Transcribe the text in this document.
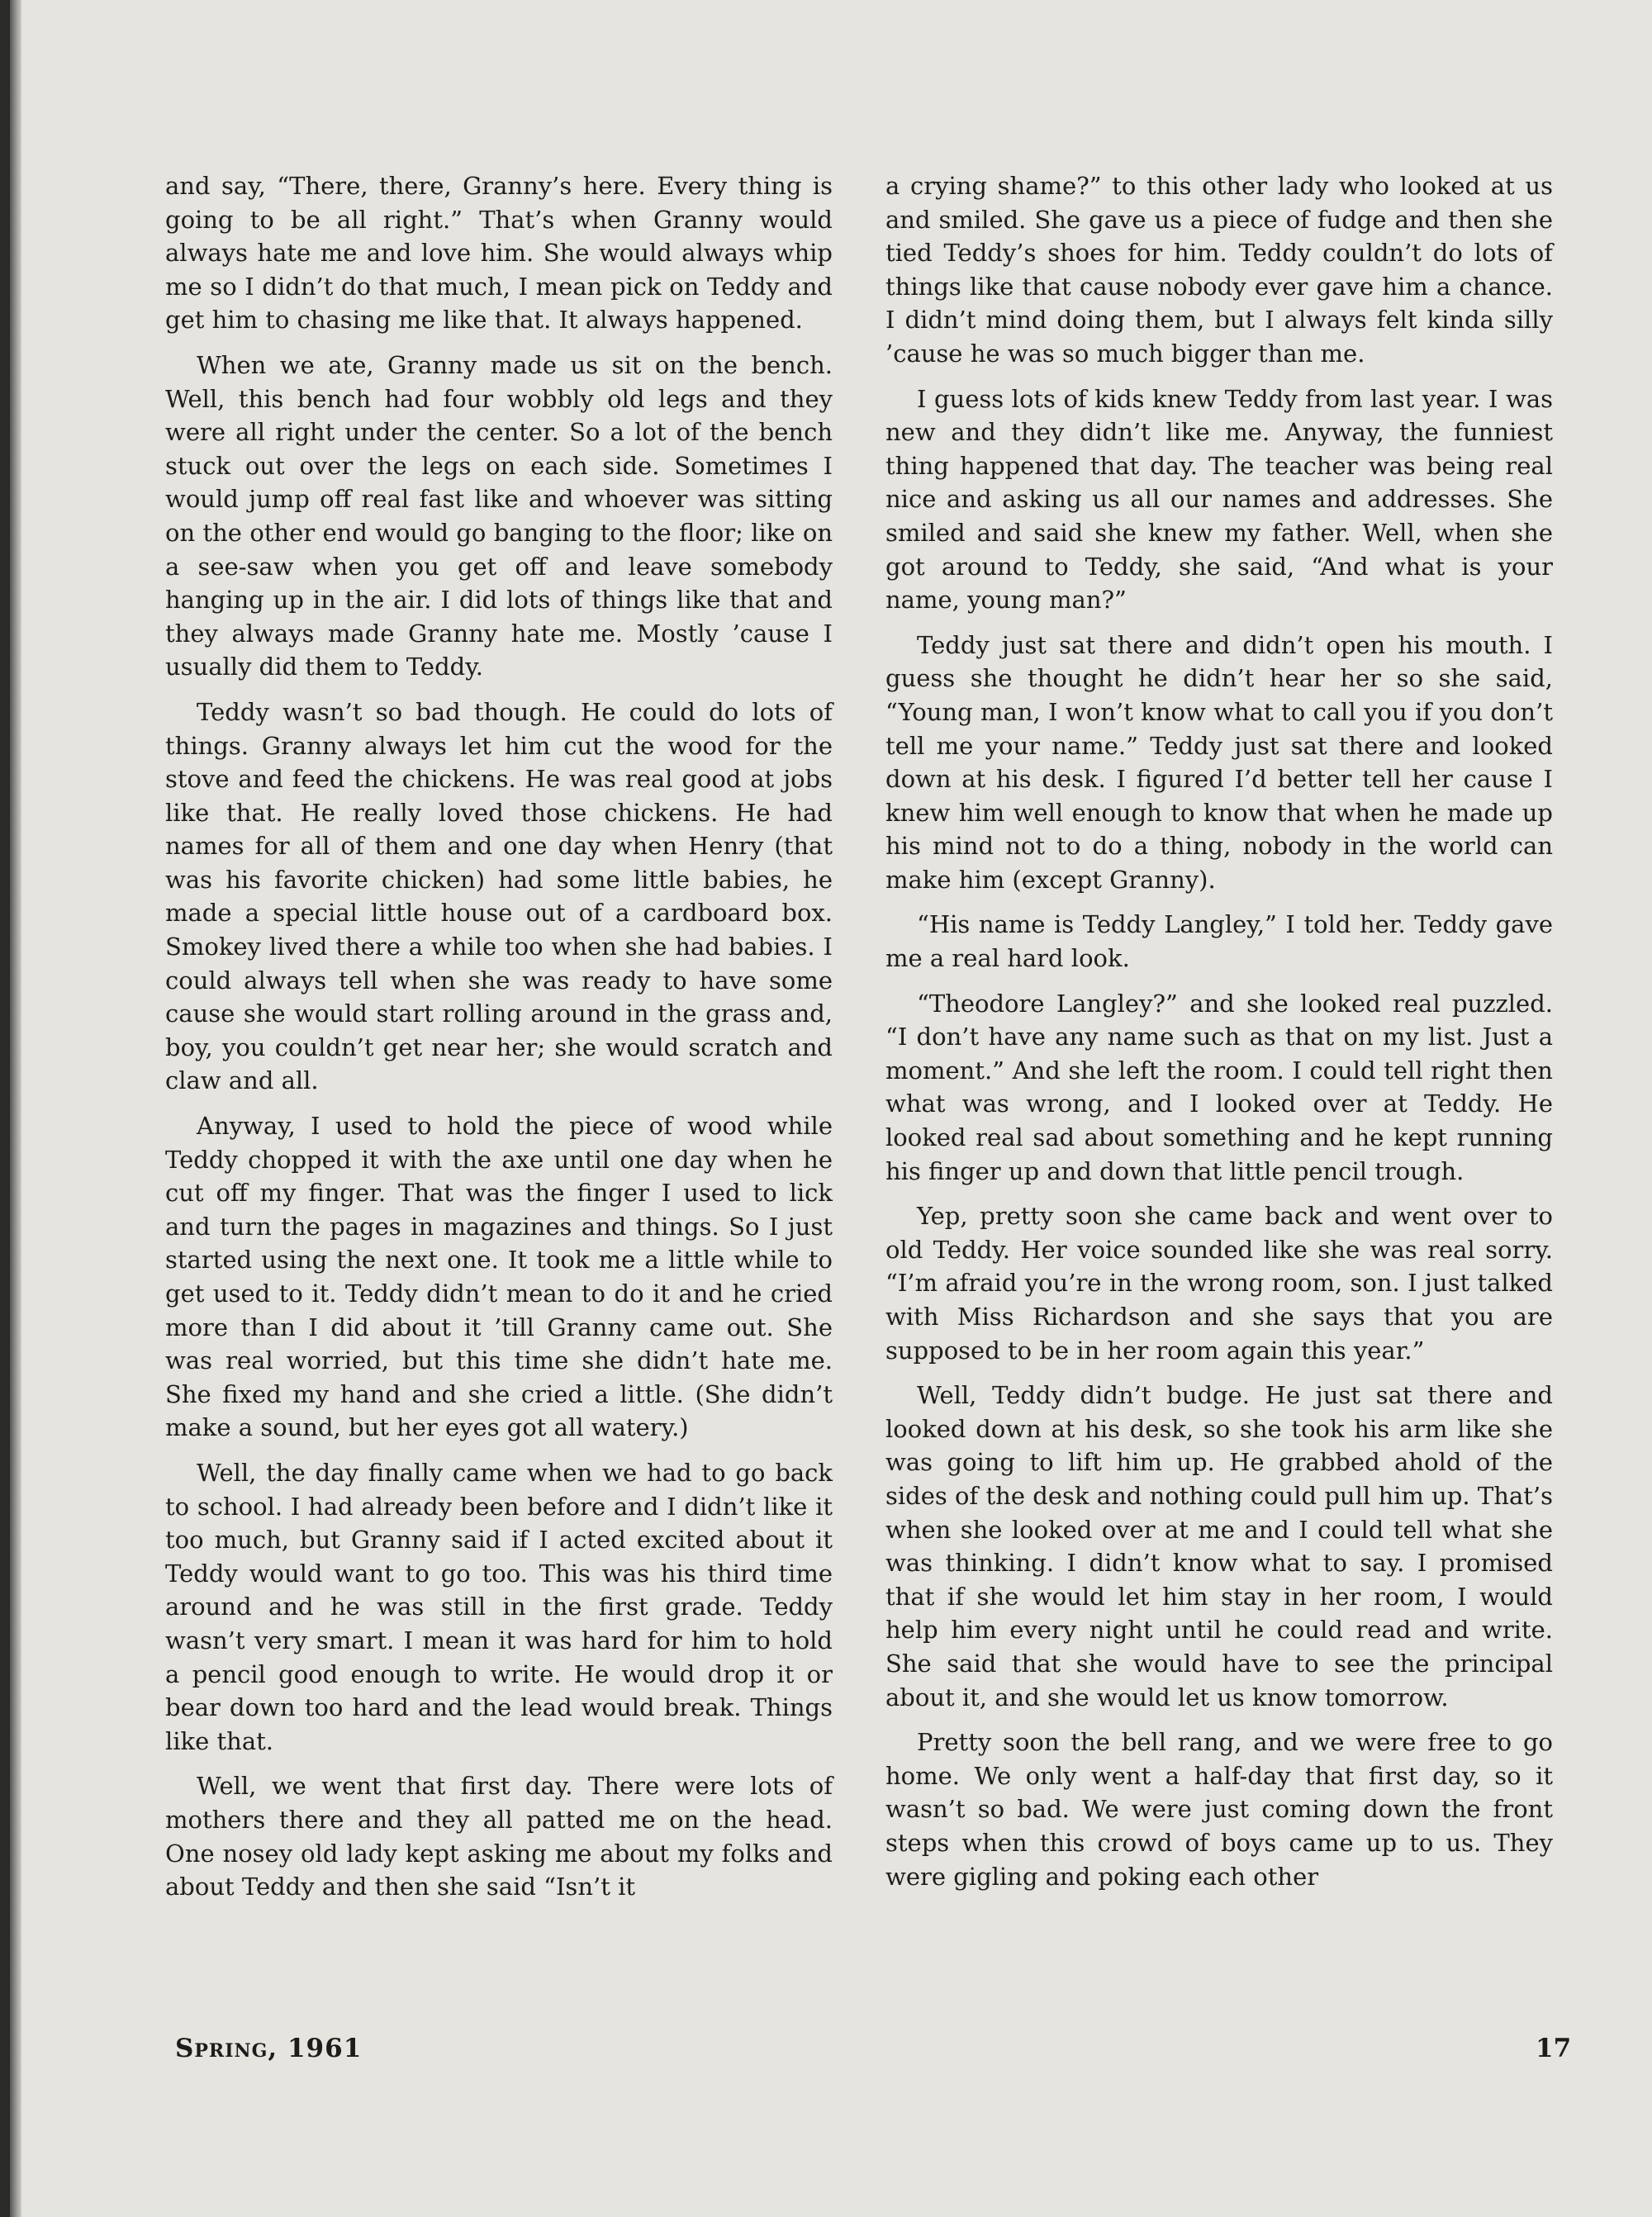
and say, “There, there, Granny’s here. Every thing is going to be all right.” That’s when Granny would always hate me and love him. She would always whip me so I didn’t do that much, I mean pick on Teddy and get him to chasing me like that. It always happened.

When we ate, Granny made us sit on the bench. Well, this bench had four wobbly old legs and they were all right under the center. So a lot of the bench stuck out over the legs on each side. Sometimes I would jump off real fast like and whoever was sitting on the other end would go banging to the floor; like on a see-saw when you get off and leave somebody hanging up in the air. I did lots of things like that and they always made Granny hate me. Mostly ’cause I usually did them to Teddy.

Teddy wasn’t so bad though. He could do lots of things. Granny always let him cut the wood for the stove and feed the chickens. He was real good at jobs like that. He really loved those chickens. He had names for all of them and one day when Henry (that was his favorite chicken) had some little babies, he made a special little house out of a cardboard box. Smokey lived there a while too when she had babies. I could always tell when she was ready to have some cause she would start rolling around in the grass and, boy, you couldn’t get near her; she would scratch and claw and all.

Anyway, I used to hold the piece of wood while Teddy chopped it with the axe until one day when he cut off my finger. That was the finger I used to lick and turn the pages in magazines and things. So I just started using the next one. It took me a little while to get used to it. Teddy didn’t mean to do it and he cried more than I did about it ’till Granny came out. She was real worried, but this time she didn’t hate me. She fixed my hand and she cried a little. (She didn’t make a sound, but her eyes got all watery.)

Well, the day finally came when we had to go back to school. I had already been before and I didn’t like it too much, but Granny said if I acted excited about it Teddy would want to go too. This was his third time around and he was still in the first grade. Teddy wasn’t very smart. I mean it was hard for him to hold a pencil good enough to write. He would drop it or bear down too hard and the lead would break. Things like that.

Well, we went that first day. There were lots of mothers there and they all patted me on the head. One nosey old lady kept asking me about my folks and about Teddy and then she said “Isn’t it

a crying shame?” to this other lady who looked at us and smiled. She gave us a piece of fudge and then she tied Teddy’s shoes for him. Teddy couldn’t do lots of things like that cause nobody ever gave him a chance. I didn’t mind doing them, but I always felt kinda silly ’cause he was so much bigger than me.

I guess lots of kids knew Teddy from last year. I was new and they didn’t like me. Anyway, the funniest thing happened that day. The teacher was being real nice and asking us all our names and addresses. She smiled and said she knew my father. Well, when she got around to Teddy, she said, “And what is your name, young man?”

Teddy just sat there and didn’t open his mouth. I guess she thought he didn’t hear her so she said, “Young man, I won’t know what to call you if you don’t tell me your name.” Teddy just sat there and looked down at his desk. I figured I’d better tell her cause I knew him well enough to know that when he made up his mind not to do a thing, nobody in the world can make him (except Granny).

“His name is Teddy Langley,” I told her. Teddy gave me a real hard look.

“Theodore Langley?” and she looked real puzzled. “I don’t have any name such as that on my list. Just a moment.” And she left the room. I could tell right then what was wrong, and I looked over at Teddy. He looked real sad about something and he kept running his finger up and down that little pencil trough.

Yep, pretty soon she came back and went over to old Teddy. Her voice sounded like she was real sorry. “I’m afraid you’re in the wrong room, son. I just talked with Miss Richardson and she says that you are supposed to be in her room again this year.”

Well, Teddy didn’t budge. He just sat there and looked down at his desk, so she took his arm like she was going to lift him up. He grabbed ahold of the sides of the desk and nothing could pull him up. That’s when she looked over at me and I could tell what she was thinking. I didn’t know what to say. I promised that if she would let him stay in her room, I would help him every night until he could read and write. She said that she would have to see the principal about it, and she would let us know tomorrow.

Pretty soon the bell rang, and we were free to go home. We only went a half-day that first day, so it wasn’t so bad. We were just coming down the front steps when this crowd of boys came up to us. They were gigling and poking each other

Spring, 1961	17
